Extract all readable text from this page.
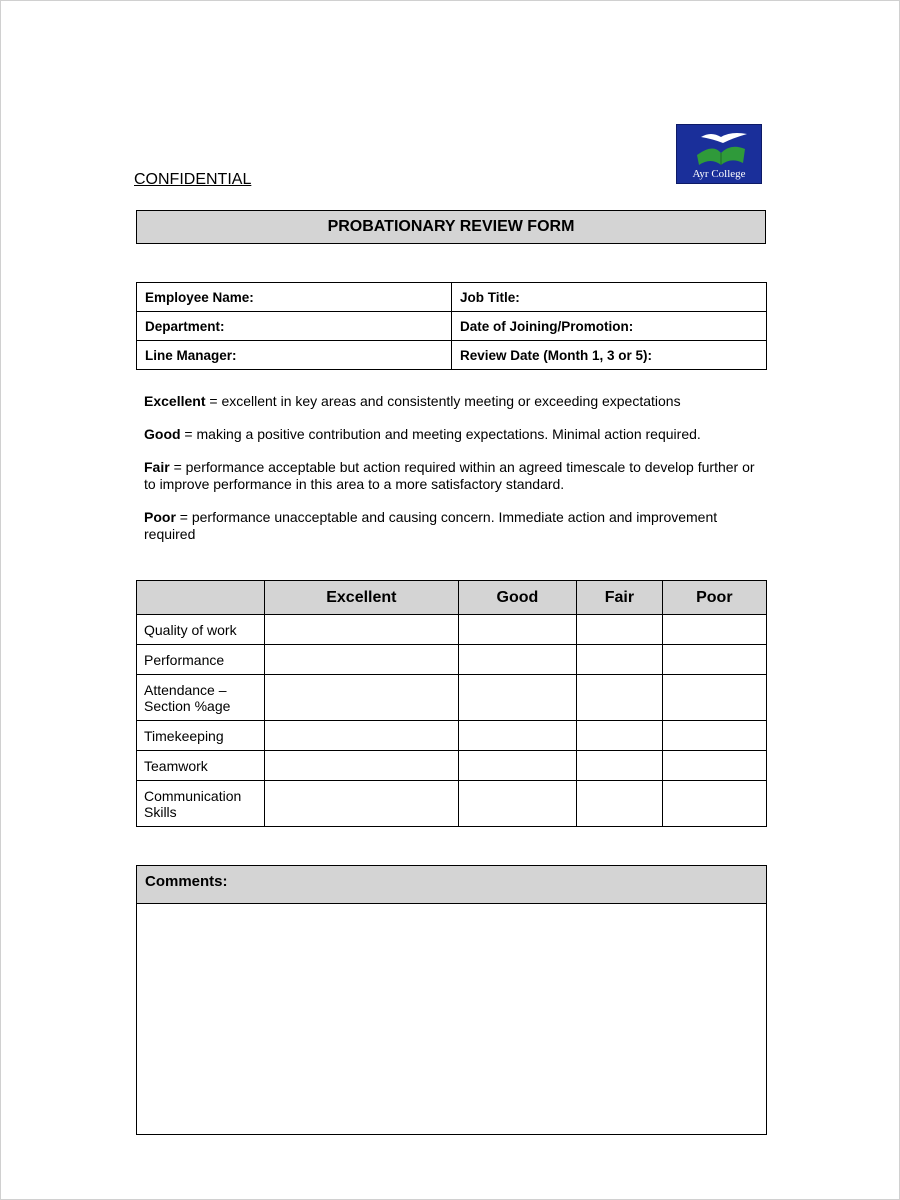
Ayr College
CONFIDENTIAL
PROBATIONARY REVIEW FORM
Employee Name:	Job Title:
Department:	Date of Joining/Promotion:
Line Manager:	Review Date (Month 1, 3 or 5):

Excellent = excellent in key areas and consistently meeting or exceeding expectations

Good = making a positive contribution and meeting expectations. Minimal action required.

Fair = performance acceptable but action required within an agreed timescale to develop further or to improve performance in this area to a more satisfactory standard.

Poor = performance unacceptable and causing concern. Immediate action and improvement required

	Excellent	Good	Fair	Poor
Quality of work				
Performance				
Attendance – Section %age				
Timekeeping				
Teamwork				
Communication Skills				
Comments:
